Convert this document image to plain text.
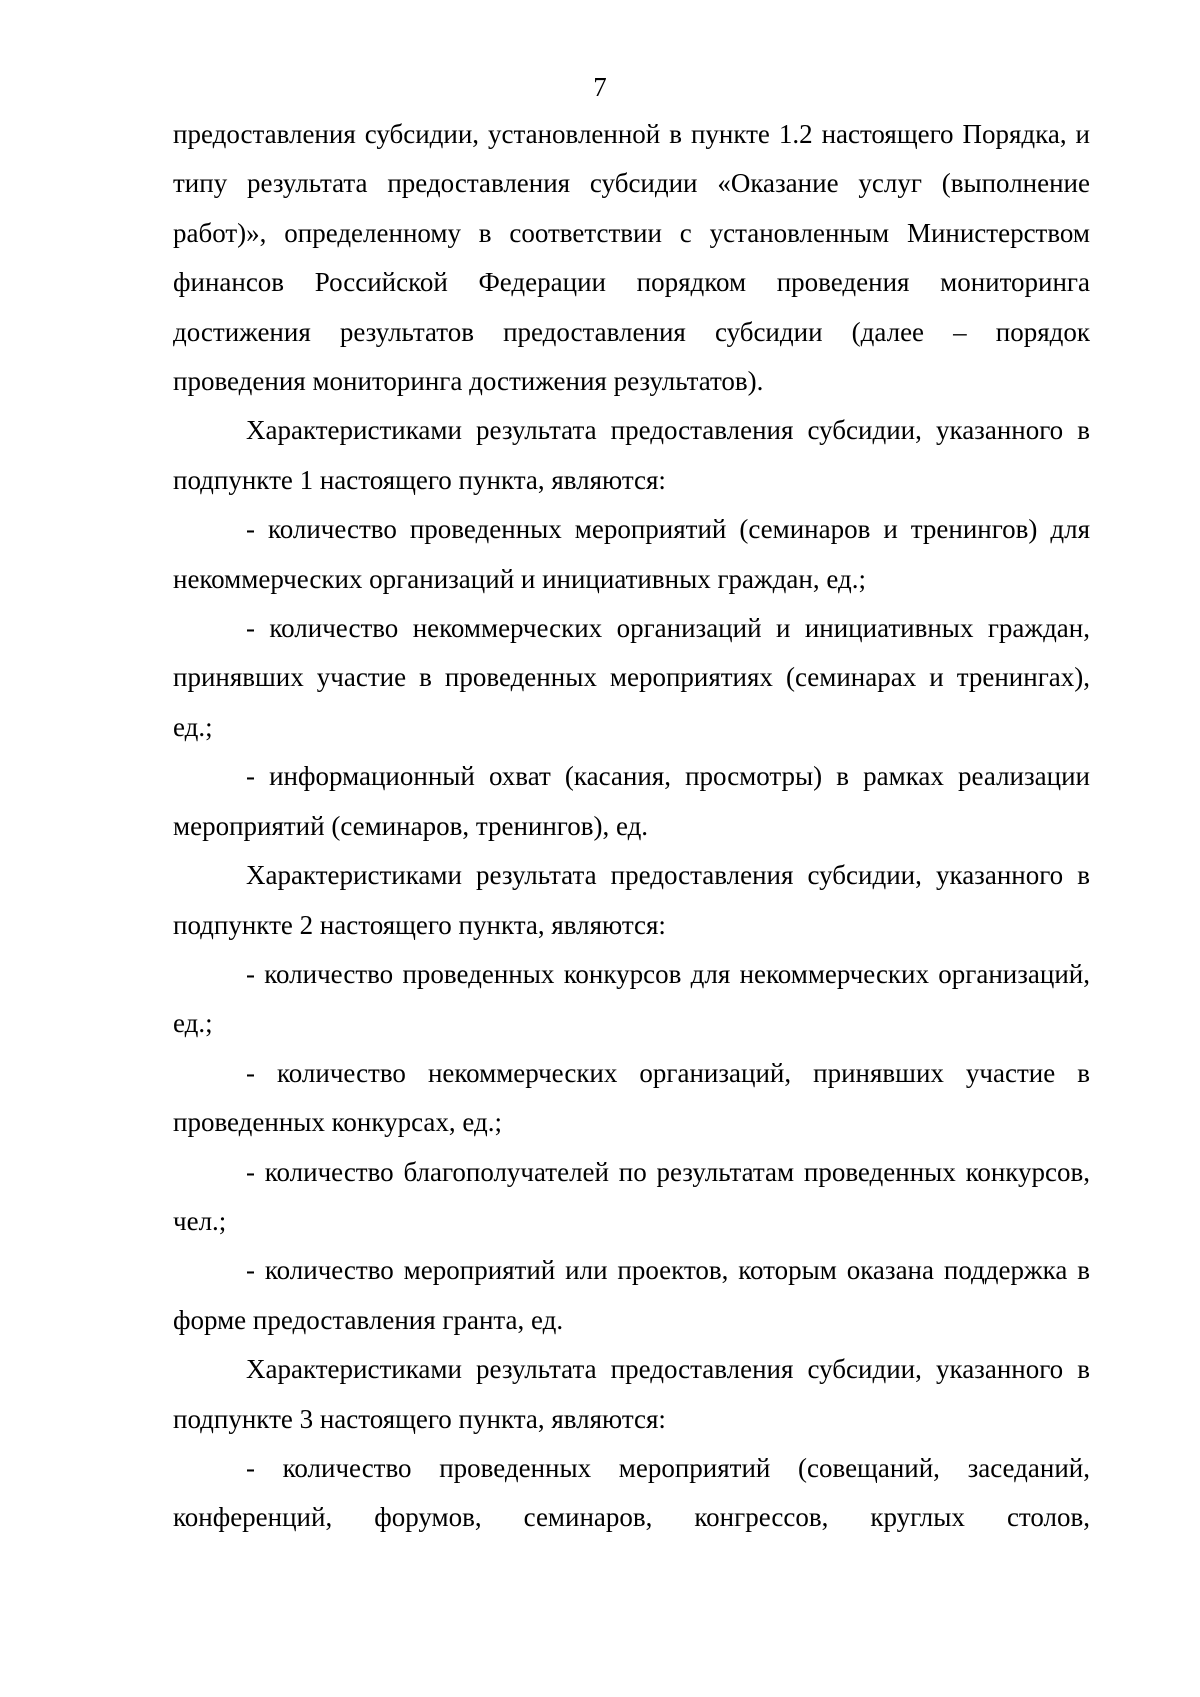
7

предоставления субсидии, установленной в пункте 1.2 настоящего Порядка, и типу результата предоставления субсидии «Оказание услуг (выполнение работ)», определенному в соответствии с установленным Министерством финансов Российской Федерации порядком проведения мониторинга достижения результатов предоставления субсидии (далее – порядок проведения мониторинга достижения результатов).

Характеристиками результата предоставления субсидии, указанного в подпункте 1 настоящего пункта, являются:

- количество проведенных мероприятий (семинаров и тренингов) для некоммерческих организаций и инициативных граждан, ед.;

- количество некоммерческих организаций и инициативных граждан, принявших участие в проведенных мероприятиях (семинарах и тренингах), ед.;

- информационный охват (касания, просмотры) в рамках реализации мероприятий (семинаров, тренингов), ед.

Характеристиками результата предоставления субсидии, указанного в подпункте 2 настоящего пункта, являются:

- количество проведенных конкурсов для некоммерческих организаций, ед.;

- количество некоммерческих организаций, принявших участие в проведенных конкурсах, ед.;

- количество благополучателей по результатам проведенных конкурсов, чел.;

- количество мероприятий или проектов, которым оказана поддержка в форме предоставления гранта, ед.

Характеристиками результата предоставления субсидии, указанного в подпункте 3 настоящего пункта, являются:

- количество проведенных мероприятий (совещаний, заседаний, конференций, форумов, семинаров, конгрессов, круглых столов,
